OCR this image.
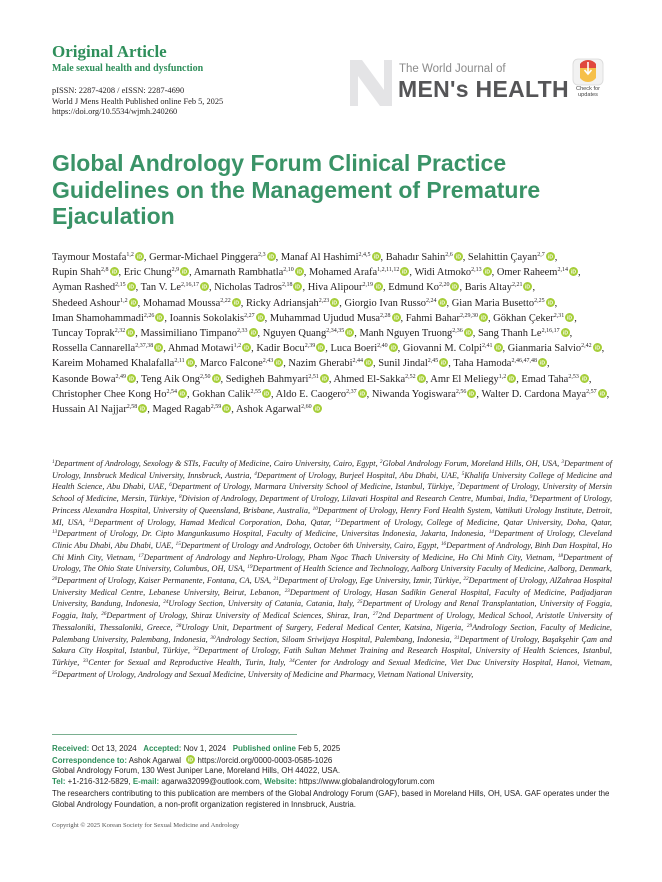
Original Article
Male sexual health and dysfunction
pISSN: 2287-4208 / eISSN: 2287-4690
World J Mens Health Published online Feb 5, 2025
https://doi.org/10.5534/wjmh.240260
The World Journal of
MEN's HEALTH	Check for
updates
Global Andrology Forum Clinical Practice Guidelines on the Management of Premature Ejaculation
Taymour Mostafa$^{1,2}$ iD , Germar-Michael Pinggera$^{2,3}$ iD , Manaf Al Hashimi$^{2,4,5}$ iD , Bahadır Sahin$^{2,6}$ iD , Selahittin Çayan$^{2,7}$ iD , Rupin Shah$^{2,8}$ iD , Eric Chung$^{2,9}$ iD , Amarnath Rambhatla$^{2,10}$ iD , Mohamed Arafa$^{1,2,11,12}$ iD , Widi Atmoko$^{2,13}$ iD , Omer Raheem$^{2,14}$ iD , Ayman Rashed$^{2,15}$ iD , Tan V. Le$^{2,16,17}$ iD , Nicholas Tadros$^{2,18}$ iD , Hiva Alipour$^{2,19}$ iD , Edmund Ko$^{2,20}$ iD , Baris Altay$^{2,21}$ iD , Shedeed Ashour$^{1,2}$ iD , Mohamad Moussa$^{2,22}$ iD , Ricky Adriansjah$^{2,23}$ iD , Giorgio Ivan Russo$^{2,24}$ iD , Gian Maria Busetto$^{2,25}$ iD , Iman Shamohammadi$^{2,26}$ iD , Ioannis Sokolakis$^{2,27}$ iD , Muhammad Ujudud Musa$^{2,28}$ iD , Fahmi Bahar$^{2,29,30}$ iD , Gökhan Çeker$^{2,31}$ iD , Tuncay Toprak$^{2,32}$ iD , Massimiliano Timpano$^{2,33}$ iD , Nguyen Quang$^{2,34,35}$ iD , Manh Nguyen Truong$^{2,36}$ iD , Sang Thanh Le$^{2,16,17}$ iD , Rossella Cannarella$^{2,37,38}$ iD , Ahmad Motawi$^{1,2}$ iD , Kadir Bocu$^{2,39}$ iD , Luca Boeri$^{2,40}$ iD , Giovanni M. Colpi$^{2,41}$ iD , Gianmaria Salvio$^{2,42}$ iD , Kareim Mohamed Khalafalla$^{2,11}$ iD , Marco Falcone$^{2,43}$ iD , Nazim Gherabi$^{2,44}$ iD , Sunil Jindal$^{2,45}$ iD , Taha Hamoda$^{2,46,47,48}$ iD , Kasonde Bowa$^{2,49}$ iD , Teng Aik Ong$^{2,50}$ iD , Sedigheh Bahmyari$^{2,51}$ iD , Ahmed El-Sakka$^{2,52}$ iD , Amr El Meliegy$^{1,2}$ iD , Emad Taha$^{2,53}$ iD , Christopher Chee Kong Ho$^{2,54}$ iD , Gokhan Calik$^{2,55}$ iD , Aldo E. Caogero$^{2,37}$ iD , Niwanda Yogiswara$^{2,56}$ iD , Walter D. Cardona Maya$^{2,57}$ iD , Hussain Al Najjar$^{2,58}$ iD , Maged Ragab$^{2,59}$ iD , Ashok Agarwal$^{2,60}$ iD
$^1$Department of Andrology, Sexology & STIs, Faculty of Medicine, Cairo University, Cairo, Egypt, $^2$Global Andrology Forum, Moreland Hills, OH, USA, $^3$Department of Urology, Innsbruck Medical University, Innsbruck, Austria, $^4$Department of Urology, Burjeel Hospital, Abu Dhabi, UAE, $^5$Khalifa University College of Medicine and Health Science, Abu Dhabi, UAE, $^6$Department of Urology, Marmara University School of Medicine, Istanbul, Türkiye, $^7$Department of Urology, University of Mersin School of Medicine, Mersin, Türkiye, $^8$Division of Andrology, Department of Urology, Lilavati Hospital and Research Centre, Mumbai, India, $^9$Department of Urology, Princess Alexandra Hospital, University of Queensland, Brisbane, Australia, $^{10}$Department of Urology, Henry Ford Health System, Vattikuti Urology Institute, Detroit, MI, USA, $^{11}$Department of Urology, Hamad Medical Corporation, Doha, Qatar, $^{12}$Department of Urology, College of Medicine, Qatar University, Doha, Qatar, $^{13}$Department of Urology, Dr. Cipto Mangunkusumo Hospital, Faculty of Medicine, Universitas Indonesia, Jakarta, Indonesia, $^{14}$Department of Urology, Cleveland Clinic Abu Dhabi, Abu Dhabi, UAE, $^{15}$Department of Urology and Andrology, October 6th University, Cairo, Egypt, $^{16}$Department of Andrology, Binh Dan Hospital, Ho Chi Minh City, Vietnam, $^{17}$Department of Andrology and Nephro-Urology, Pham Ngoc Thach University of Medicine, Ho Chi Minh City, Vietnam, $^{18}$Department of Urology, The Ohio State University, Columbus, OH, USA, $^{19}$Department of Health Science and Technology, Aalborg University Faculty of Medicine, Aalborg, Denmark, $^{20}$Department of Urology, Kaiser Permanente, Fontana, CA, USA, $^{21}$Department of Urology, Ege University, Izmir, Türkiye, $^{22}$Department of Urology, AlZahraa Hospital University Medical Centre, Lebanese University, Beirut, Lebanon, $^{23}$Department of Urology, Hasan Sadikin General Hospital, Faculty of Medicine, Padjadjaran University, Bandung, Indonesia, $^{24}$Urology Section, University of Catania, Catania, Italy, $^{25}$Department of Urology and Renal Transplantation, University of Foggia, Foggia, Italy, $^{26}$Department of Urology, Shiraz University of Medical Sciences, Shiraz, Iran, $^{27}$2nd Department of Urology, Medical School, Aristotle University of Thessaloniki, Thessaloniki, Greece, $^{28}$Urology Unit, Department of Surgery, Federal Medical Center, Katsina, Nigeria, $^{29}$Andrology Section, Faculty of Medicine, Palembang University, Palembang, Indonesia, $^{30}$Andrology Section, Siloam Sriwijaya Hospital, Palembang, Indonesia, $^{31}$Department of Urology, Başakşehir Çam and Sakura City Hospital, Istanbul, Türkiye, $^{32}$Department of Urology, Fatih Sultan Mehmet Training and Research Hospital, University of Health Sciences, Istanbul, Türkiye, $^{33}$Center for Sexual and Reproductive Health, Turin, Italy, $^{34}$Center for Andrology and Sexual Medicine, Viet Duc University Hospital, Hanoi, Vietnam, $^{35}$Department of Urology, Andrology and Sexual Medicine, University of Medicine and Pharmacy, Vietnam National University,
Received: Oct 13, 2024 Accepted: Nov 1, 2024 Published online Feb 5, 2025
Correspondence to: Ashok Agarwal iD https://orcid.org/0000-0003-0585-1026
Global Andrology Forum, 130 West Juniper Lane, Moreland Hills, OH 44022, USA.
Tel: +1-216-312-5829, E-mail: agarwa32099@outlook.com, Website: https://www.globalandrologyforum.com
The researchers contributing to this publication are members of the Global Andrology Forum (GAF), based in Moreland Hills, OH, USA. GAF operates under the Global Andrology Foundation, a non-profit organization registered in Innsbruck, Austria.
Copyright © 2025 Korean Society for Sexual Medicine and Andrology
